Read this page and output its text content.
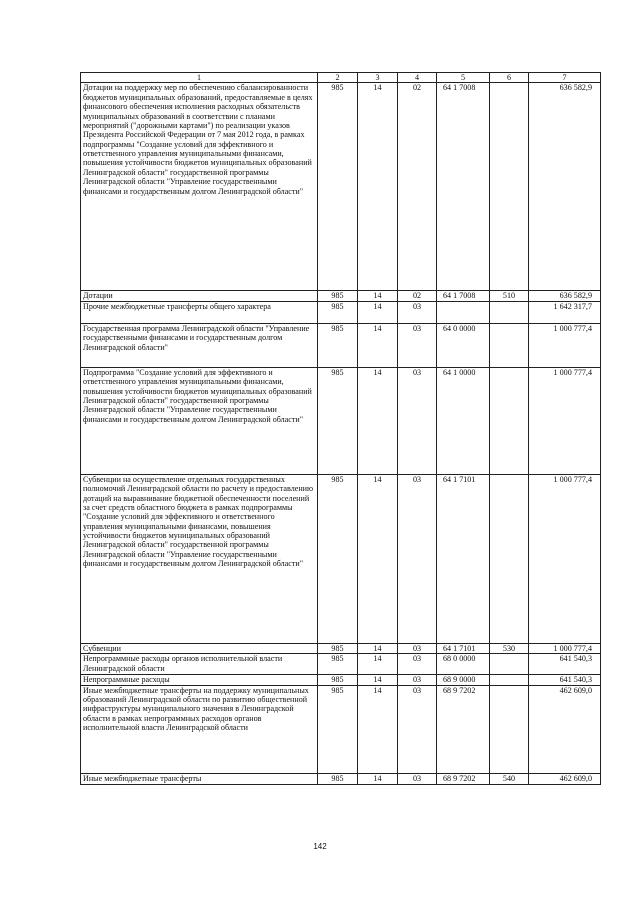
1	2	3	4	5	6	7
Дотации на поддержку мер по обеспечению сбалансированности бюджетов муниципальных образований, предоставляемые в целях финансового обеспечения исполнения расходных обязательств муниципальных образований в соответствии с планами мероприятий ("дорожными картами") по реализации указов Президента Российской Федерации от 7 мая 2012 года, в рамках подпрограммы "Создание условий для эффективного и ответственного управления муниципальными финансами, повышения устойчивости бюджетов муниципальных образований Ленинградской области" государственной программы Ленинградской области "Управление государственными финансами и государственным долгом Ленинградской области"	985	14	02	64 1 7008		636 582,9
Дотации	985	14	02	64 1 7008	510	636 582,9
Прочие межбюджетные трансферты общего характера	985	14	03			1 642 317,7
Государственная программа Ленинградской области "Управление государственными финансами и государственным долгом Ленинградской области"	985	14	03	64 0 0000		1 000 777,4
Подпрограмма "Создание условий для эффективного и ответственного управления муниципальными финансами, повышения устойчивости бюджетов муниципальных образований Ленинградской области" государственной программы Ленинградской области "Управление государственными финансами и государственным долгом Ленинградской области"	985	14	03	64 1 0000		1 000 777,4
Субвенции на осуществление отдельных государственных полномочий Ленинградской области по расчету и предоставлению дотаций на выравнивание бюджетной обеспеченности поселений за счет средств областного бюджета в рамках подпрограммы "Создание условий для эффективного и ответственного управления муниципальными финансами, повышения устойчивости бюджетов муниципальных образований Ленинградской области" государственной программы Ленинградской области "Управление государственными финансами и государственным долгом Ленинградской области"	985	14	03	64 1 7101		1 000 777,4
Субвенции	985	14	03	64 1 7101	530	1 000 777,4
Непрограммные расходы органов исполнительной власти Ленинградской области	985	14	03	68 0 0000		641 540,3
Непрограммные расходы	985	14	03	68 9 0000		641 540,3
Иные межбюджетные трансферты на поддержку муниципальных образований Ленинградской области по развитию общественной инфраструктуры муниципального значения в Ленинградской области в рамках непрограммных расходов органов исполнительной власти Ленинградской области	985	14	03	68 9 7202		462 609,0
Иные межбюджетные трансферты	985	14	03	68 9 7202	540	462 609,0
142
